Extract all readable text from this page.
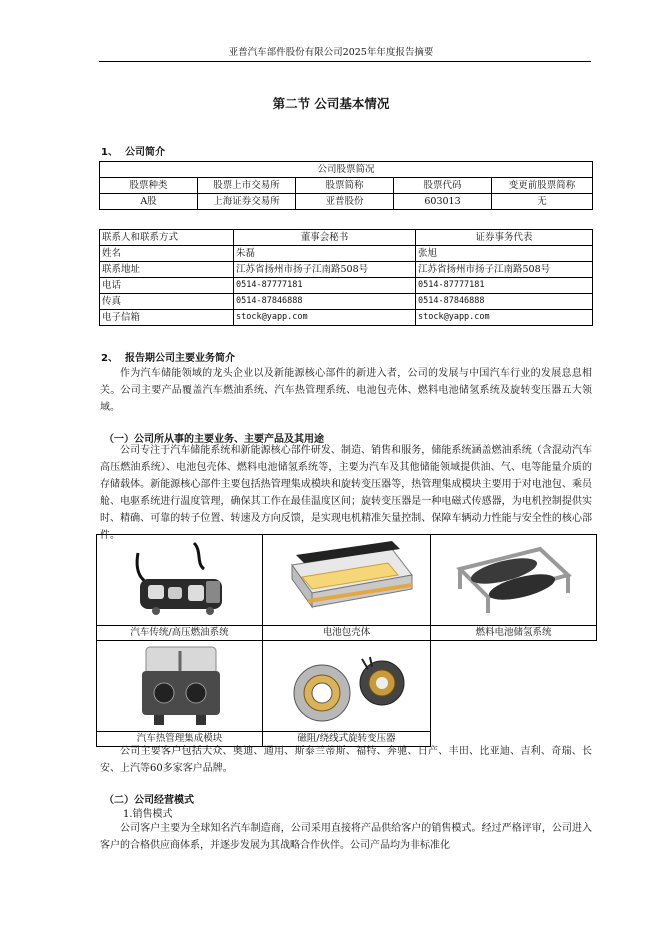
亚普汽车部件股份有限公司2025年年度报告摘要
第二节 公司基本情况
1、 公司简介
公司股票简况				
股票种类	股票上市交易所	股票简称	股票代码	变更前股票简称
A股	上海证券交易所	亚普股份	603013	无
联系人和联系方式	董事会秘书	证券事务代表
姓名	朱磊	张旭
联系地址	江苏省扬州市扬子江南路508号	江苏省扬州市扬子江南路508号
电话	0514-87777181	0514-87777181
传真	0514-87846888	0514-87846888
电子信箱	stock@yapp.com	stock@yapp.com
2、 报告期公司主要业务简介

作为汽车储能领域的龙头企业以及新能源核心部件的新进入者，公司的发展与中国汽车行业的发展息息相关。公司主要产品覆盖汽车燃油系统、汽车热管理系统、电池包壳体、燃料电池储氢系统及旋转变压器五大领域。

（一）公司所从事的主要业务、主要产品及其用途

公司专注于汽车储能系统和新能源核心部件研发、制造、销售和服务，储能系统涵盖燃油系统（含混动汽车高压燃油系统）、电池包壳体、燃料电池储氢系统等，主要为汽车及其他储能领域提供油、气、电等能量介质的存储载体。新能源核心部件主要包括热管理集成模块和旋转变压器等，热管理集成模块主要用于对电池包、乘员舱、电驱系统进行温度管理，确保其工作在最佳温度区间；旋转变压器是一种电磁式传感器，为电机控制提供实时、精确、可靠的转子位置、转速及方向反馈，是实现电机精准矢量控制、保障车辆动力性能与安全性的核心部件。

汽车传统/高压燃油系统	电池包壳体	燃料电池储氢系统

汽车热管理集成模块	磁阻/绕线式旋转变压器	

公司主要客户包括大众、奥迪、通用、斯泰兰蒂斯、福特、奔驰、日产、丰田、比亚迪、吉利、奇瑞、长安、上汽等60多家客户品牌。

（二）公司经营模式
1.销售模式

公司客户主要为全球知名汽车制造商，公司采用直接将产品供给客户的销售模式。经过严格评审，公司进入客户的合格供应商体系，并逐步发展为其战略合作伙伴。公司产品均为非标准化
